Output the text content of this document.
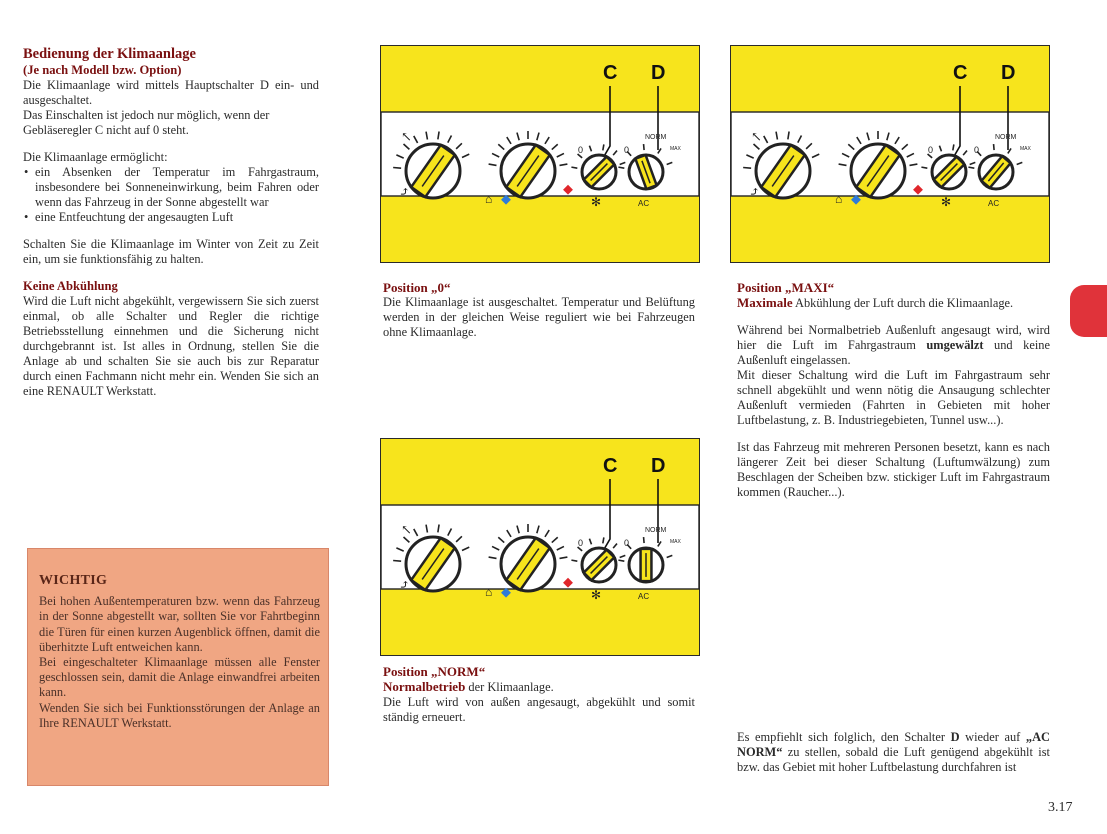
Bedienung der Klimaanlage

(Je nach Modell bzw. Option)

Die Klimaanlage wird mittels Hauptschalter D ein- und ausgeschaltet.

Das Einschalten ist jedoch nur möglich, wenn der Gebläseregler C nicht auf 0 steht.

Die Klimaanlage ermöglicht:

• ein Absenken der Temperatur im Fahrgastraum, insbesondere bei Sonneneinwirkung, beim Fahren oder wenn das Fahrzeug in der Sonne abgestellt war
• eine Entfeuchtung der angesaugten Luft

Schalten Sie die Klimaanlage im Winter von Zeit zu Zeit ein, um sie funktionsfähig zu halten.

Keine Abkühlung

Wird die Luft nicht abgekühlt, vergewissern Sie sich zuerst einmal, ob alle Schalter und Regler die richtige Betriebsstellung einnehmen und die Sicherung nicht durchgebrannt ist. Ist alles in Ordnung, stellen Sie die Anlage ab und schalten Sie sie auch bis zur Reparatur durch einen Fachmann nicht mehr ein. Wenden Sie sich an eine RENAULT Werkstatt.

WICHTIG

Bei hohen Außentemperaturen bzw. wenn das Fahrzeug in der Sonne abgestellt war, sollten Sie vor Fahrtbeginn die Türen für einen kurzen Augenblick öffnen, damit die überhitzte Luft entweichen kann.

Bei eingeschalteter Klimaanlage müssen alle Fenster geschlossen sein, damit die Anlage einwandfrei arbeiten kann.

Wenden Sie sich bei Funktionsstörungen der Anlage an Ihre RENAULT Werkstatt.

C D
↖
⤴	⌂
0
✻
0
NORM
MAX
AC
C D
↖
⤴	⌂
0
✻
0
NORM
MAX
AC
C D
↖
⤴	⌂
0
✻
0
NORM
MAX
AC

Position „0“

Die Klimaanlage ist ausgeschaltet. Temperatur und Belüftung werden in der gleichen Weise reguliert wie bei Fahrzeugen ohne Klimaanlage.

Position „NORM“

Normalbetrieb der Klimaanlage.

Die Luft wird von außen angesaugt, abgekühlt und somit ständig erneuert.

Position „MAXI“

Maximale Abkühlung der Luft durch die Klimaanlage.

Während bei Normalbetrieb Außenluft angesaugt wird, wird hier die Luft im Fahrgastraum umgewälzt und keine Außenluft eingelassen.

Mit dieser Schaltung wird die Luft im Fahrgastraum sehr schnell abgekühlt und wenn nötig die Ansaugung schlechter Außenluft vermieden (Fahrten in Gebieten mit hoher Luftbelastung, z. B. Industriegebieten, Tunnel usw...).

Ist das Fahrzeug mit mehreren Personen besetzt, kann es nach längerer Zeit bei dieser Schaltung (Luftumwälzung) zum Beschlagen der Scheiben bzw. stickiger Luft im Fahrgastraum kommen (Raucher...).

Es empfiehlt sich folglich, den Schalter D wieder auf „AC NORM“ zu stellen, sobald die Luft genügend abgekühlt ist bzw. das Gebiet mit hoher Luftbelastung durchfahren ist

3.17
